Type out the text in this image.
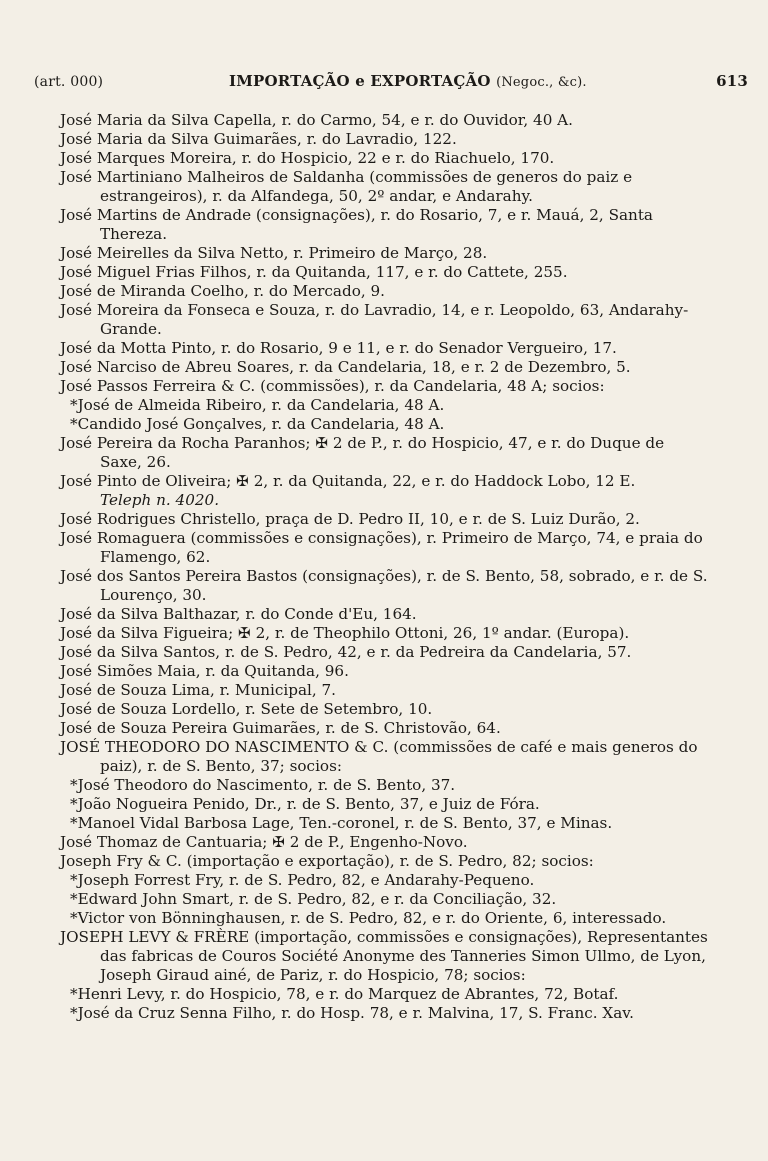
(art. 000)	IMPORTAÇÃO e EXPORTAÇÃO (Negoc., &c).	613

José Maria da Silva Capella, r. do Carmo, 54, e r. do Ouvidor, 40 A.

José Maria da Silva Guimarães, r. do Lavradio, 122.

José Marques Moreira, r. do Hospicio, 22 e r. do Riachuelo, 170.

José Martiniano Malheiros de Saldanha (commissões de generos do paiz e estrangeiros), r. da Alfandega, 50, 2º andar, e Andarahy.

José Martins de Andrade (consignações), r. do Rosario, 7, e r. Mauá, 2, Santa Thereza.

José Meirelles da Silva Netto, r. Primeiro de Março, 28.

José Miguel Frias Filhos, r. da Quitanda, 117, e r. do Cattete, 255.

José de Miranda Coelho, r. do Mercado, 9.

José Moreira da Fonseca e Souza, r. do Lavradio, 14, e r. Leopoldo, 63, Andarahy-Grande.

José da Motta Pinto, r. do Rosario, 9 e 11, e r. do Senador Vergueiro, 17.

José Narciso de Abreu Soares, r. da Candelaria, 18, e r. 2 de Dezembro, 5.

José Passos Ferreira & C. (commissões), r. da Candelaria, 48 A; socios:

*José de Almeida Ribeiro, r. da Candelaria, 48 A.

*Candido José Gonçalves, r. da Candelaria, 48 A.

José Pereira da Rocha Paranhos; ✠ 2 de P., r. do Hospicio, 47, e r. do Duque de Saxe, 26.

José Pinto de Oliveira; ✠ 2, r. da Quitanda, 22, e r. do Haddock Lobo, 12 E.

Teleph n. 4020.

José Rodrigues Christello, praça de D. Pedro II, 10, e r. de S. Luiz Durão, 2.

José Romaguera (commissões e consignações), r. Primeiro de Março, 74, e praia do Flamengo, 62.

José dos Santos Pereira Bastos (consignações), r. de S. Bento, 58, sobrado, e r. de S. Lourenço, 30.

José da Silva Balthazar, r. do Conde d'Eu, 164.

José da Silva Figueira; ✠ 2, r. de Theophilo Ottoni, 26, 1º andar. (Europa).

José da Silva Santos, r. de S. Pedro, 42, e r. da Pedreira da Candelaria, 57.

José Simões Maia, r. da Quitanda, 96.

José de Souza Lima, r. Municipal, 7.

José de Souza Lordello, r. Sete de Setembro, 10.

José de Souza Pereira Guimarães, r. de S. Christovão, 64.

JOSÉ THEODORO DO NASCIMENTO & C. (commissões de café e mais generos do paiz), r. de S. Bento, 37; socios:

*José Theodoro do Nascimento, r. de S. Bento, 37.

*João Nogueira Penido, Dr., r. de S. Bento, 37, e Juiz de Fóra.

*Manoel Vidal Barbosa Lage, Ten.-coronel, r. de S. Bento, 37, e Minas.

José Thomaz de Cantuaria; ✠ 2 de P., Engenho-Novo.

Joseph Fry & C. (importação e exportação), r. de S. Pedro, 82; socios:

*Joseph Forrest Fry, r. de S. Pedro, 82, e Andarahy-Pequeno.

*Edward John Smart, r. de S. Pedro, 82, e r. da Conciliação, 32.

*Victor von Bönninghausen, r. de S. Pedro, 82, e r. do Oriente, 6, interessado.

JOSEPH LEVY & FRÈRE (importação, commissões e consignações), Representantes das fabricas de Couros Société Anonyme des Tanneries Simon Ullmo, de Lyon, Joseph Giraud ainé, de Pariz, r. do Hospicio, 78; socios:

*Henri Levy, r. do Hospicio, 78, e r. do Marquez de Abrantes, 72, Botaf.

*José da Cruz Senna Filho, r. do Hosp. 78, e r. Malvina, 17, S. Franc. Xav.
